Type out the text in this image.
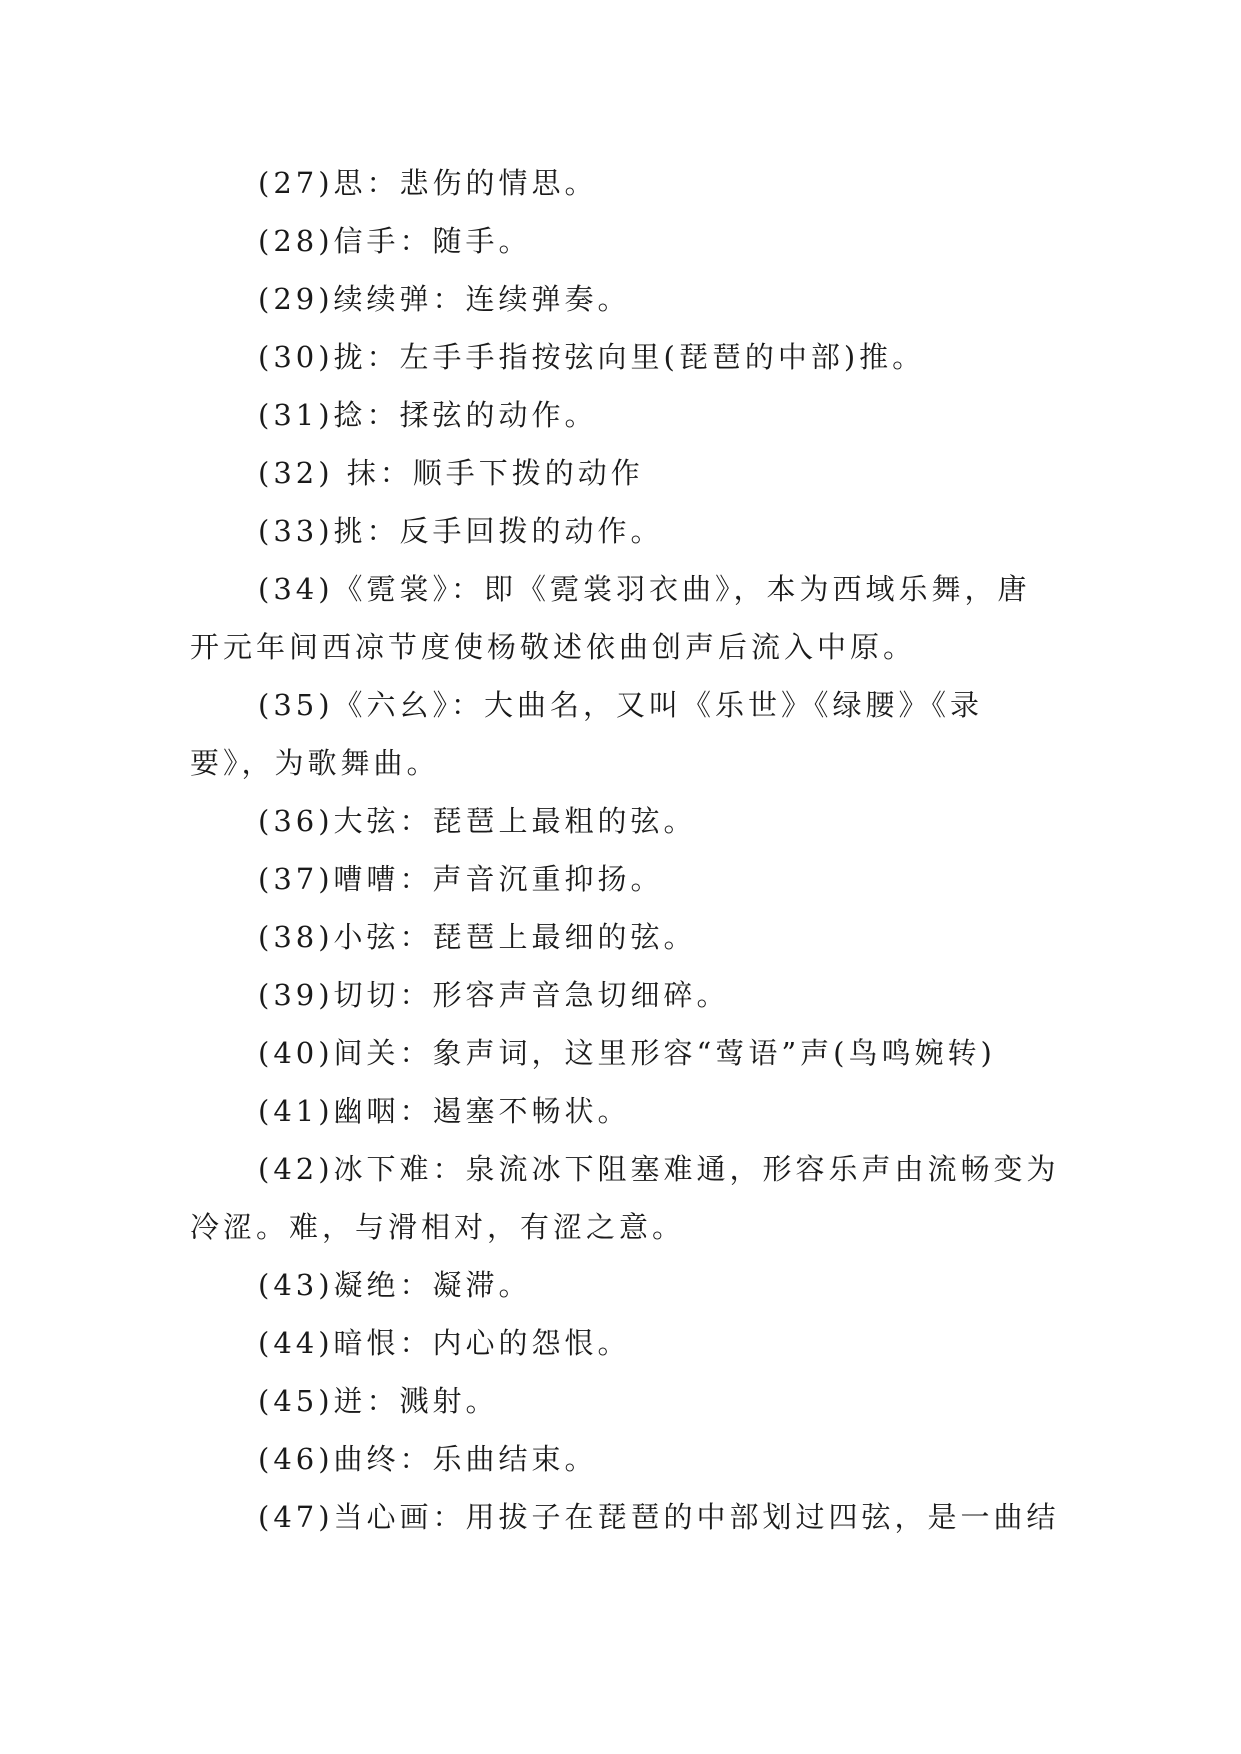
(27)思：悲伤的情思。

(28)信手：随手。

(29)续续弹：连续弹奏。

(30)拢：左手手指按弦向里(琵琶的中部)推。

(31)捻：揉弦的动作。

(32) 抹：顺手下拨的动作

(33)挑：反手回拨的动作。

(34)《霓裳》：即《霓裳羽衣曲》，本为西域乐舞，唐开元年间西凉节度使杨敬述依曲创声后流入中原。

(35)《六幺》：大曲名，又叫《乐世》《绿腰》《录要》，为歌舞曲。

(36)大弦：琵琶上最粗的弦。

(37)嘈嘈：声音沉重抑扬。

(38)小弦：琵琶上最细的弦。

(39)切切：形容声音急切细碎。

(40)间关：象声词，这里形容“莺语”声(鸟鸣婉转)

(41)幽咽：遏塞不畅状。

(42)冰下难：泉流冰下阻塞难通，形容乐声由流畅变为冷涩。难，与滑相对，有涩之意。

(43)凝绝：凝滞。

(44)暗恨：内心的怨恨。

(45)迸：溅射。

(46)曲终：乐曲结束。

(47)当心画：用拔子在琵琶的中部划过四弦，是一曲结
